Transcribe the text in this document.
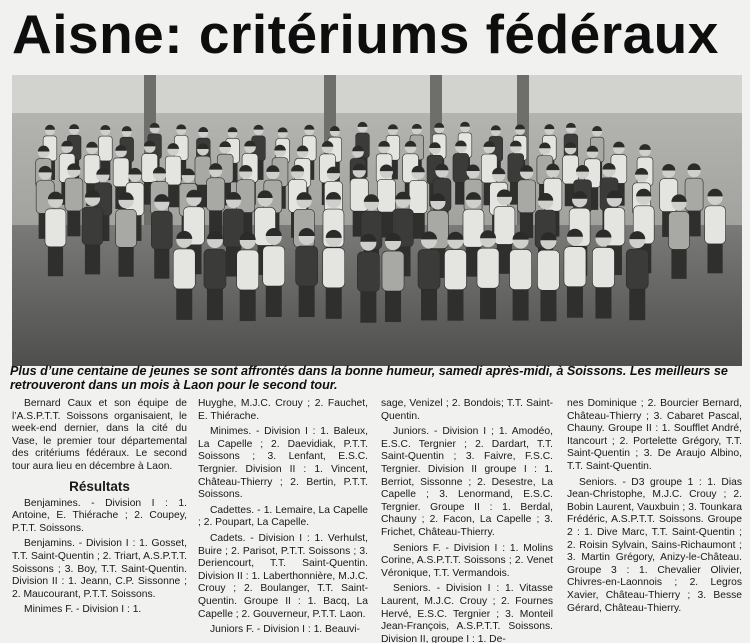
Aisne: critériums fédéraux

Plus d’une centaine de jeunes se sont affrontés dans la bonne humeur, samedi après-midi, à Soissons. Les meilleurs se retrouveront dans un mois à Laon pour le second tour.

Bernard Caux et son équipe de l’A.S.P.T.T. Soissons organisaient, le week-end dernier, dans la cité du Vase, le premier tour départemental des critériums fédéraux. Le second tour aura lieu en décembre à Laon.

Résultats

Benjamines. - Division I : 1. Antoine, E. Thiérache ; 2. Coupey, P.T.T. Soissons.

Benjamins. - Division I : 1. Gosset, T.T. Saint-Quentin ; 2. Triart, A.S.P.T.T. Soissons ; 3. Boy, T.T. Saint-Quentin. Division II : 1. Jeann, C.P. Sissonne ; 2. Maucourant, P.T.T. Soissons.

Minimes F. - Division I : 1.

Huyghe, M.J.C. Crouy ; 2. Fauchet, E. Thiérache.

Minimes. - Division I : 1. Baleux, La Capelle ; 2. Daevidiak, P.T.T. Soissons ; 3. Lenfant, E.S.C. Tergnier. Division II : 1. Vincent, Château-Thierry ; 2. Bertin, P.T.T. Soissons.

Cadettes. - 1. Lemaire, La Capelle ; 2. Poupart, La Capelle.

Cadets. - Division I : 1. Verhulst, Buire ; 2. Parisot, P.T.T. Soissons ; 3. Deriencourt, T.T. Saint-Quentin. Division II : 1. Laberthonnière, M.J.C. Crouy ; 2. Boulanger, T.T. Saint-Quentin. Groupe II : 1. Bacq, La Capelle ; 2. Gouverneur, P.T.T. Laon.

Juniors F. - Division I : 1. Beauvi-

sage, Venizel ; 2. Bondois; T.T. Saint-Quentin.

Juniors. - Division I ; 1. Amodéo, E.S.C. Tergnier ; 2. Dardart, T.T. Saint-Quentin ; 3. Faivre, F.S.C. Tergnier. Division II groupe I : 1. Berriot, Sissonne ; 2. Desestre, La Capelle ; 3. Lenormand, E.S.C. Tergnier. Groupe II : 1. Berdal, Chauny ; 2. Facon, La Capelle ; 3. Frichet, Château-Thierry.

Seniors F. - Division I : 1. Molins Corine, A.S.P.T.T. Soissons ; 2. Venet Véronique, T.T. Vermandois.

Seniors. - Division I : 1. Vitasse Laurent, M.J.C. Crouy ; 2. Fournes Hervé, E.S.C. Tergnier ; 3. Monteil Jean-François, A.S.P.T.T. Soissons. Division II, groupe I : 1. De-

nes Dominique ; 2. Bourcier Bernard, Château-Thierry ; 3. Cabaret Pascal, Chauny. Groupe II : 1. Soufflet André, Itancourt ; 2. Portelette Grégory, T.T. Saint-Quentin ; 3. De Araujo Albino, T.T. Saint-Quentin.

Seniors. - D3 groupe 1 : 1. Dias Jean-Christophe, M.J.C. Crouy ; 2. Bobin Laurent, Vauxbuin ; 3. Tounkara Frédéric, A.S.P.T.T. Soissons. Groupe 2 : 1. Dive Marc, T.T. Saint-Quentin ; 2. Roisin Sylvain, Sains-Richaumont ; 3. Martin Grégory, Anizy-le-Château. Groupe 3 : 1. Chevalier Olivier, Chivres-en-Laonnois ; 2. Legros Xavier, Château-Thierry ; 3. Besse Gérard, Château-Thierry.
